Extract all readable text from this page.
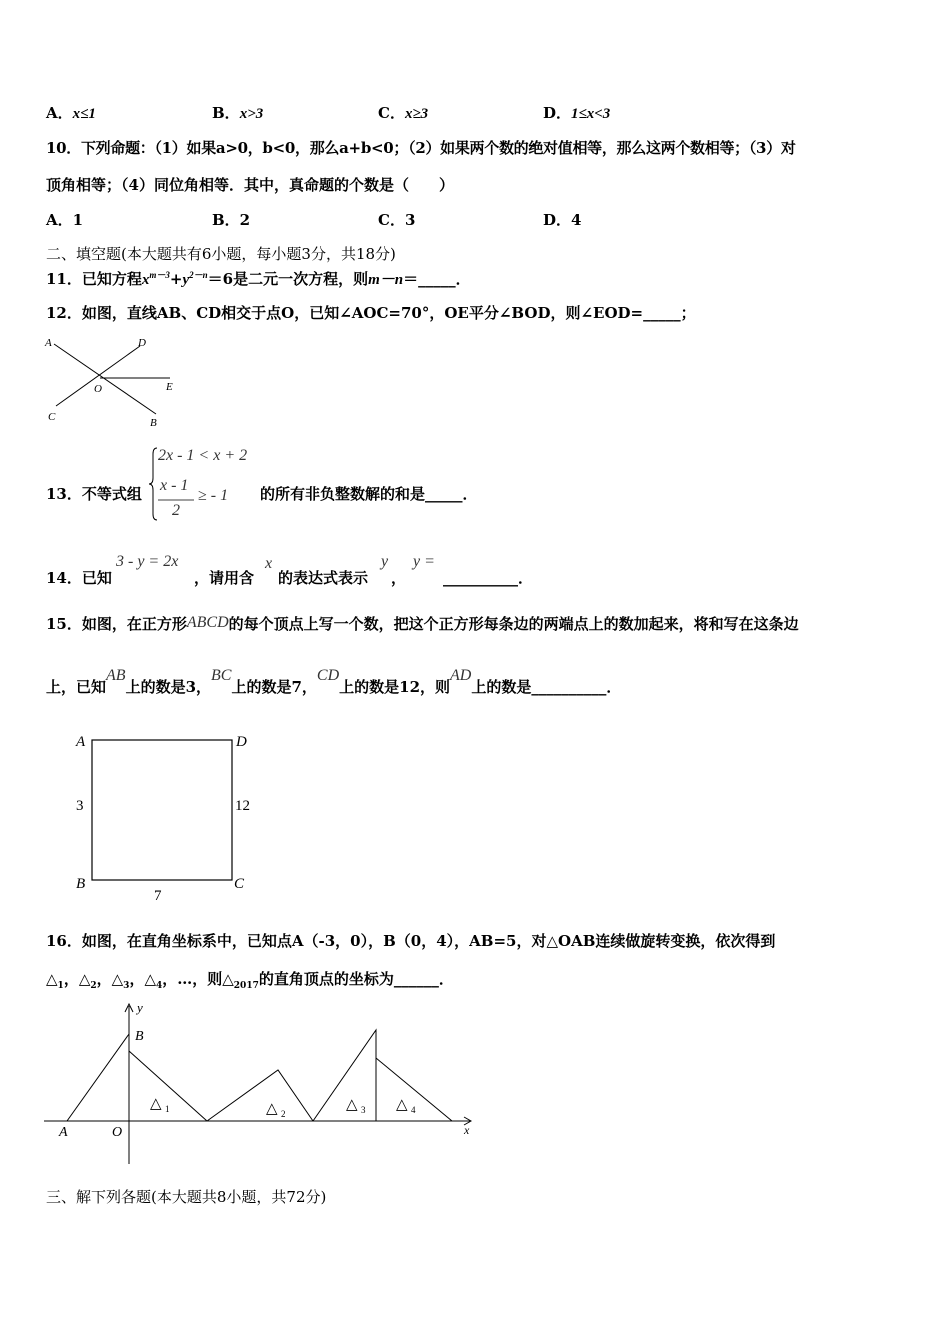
A．x≤1	B．x>3	C．x≥3	D．1≤x<3
10．下列命题：（1）如果a>0，b<0，那么a+b<0；（2）如果两个数的绝对值相等，那么这两个数相等；（3）对
顶角相等；（4）同位角相等．其中，真命题的个数是（　　）
A．1	B．2	C．3	D．4
二、填空题(本大题共有6小题，每小题3分，共18分)
11．已知方程$x^{m-3}+y^{2-n}=6$是二元一次方程，则m－n＝_____．
12．如图，直线AB、CD相交于点O，已知∠AOC=70°，OE平分∠BOD，则∠EOD=_____；
A	D
O	E
C	B
13．不等式组
2x - 1 < x + 2
x - 1
2
≥ - 1 的所有非负整数解的和是_____．
14．已知
3 - y = 2x
，请用含
x
的表达式表示
y
，
y =
__________．
15．如图，在正方形ABCD的每个顶点上写一个数，把这个正方形每条边的两端点上的数加起来，将和写在这条边
上，已知AB上的数是3，BC上的数是7，CD上的数是12，则AD上的数是__________．
A	D
B	C
3	12
7
16．如图，在直角坐标系中，已知点A（-3，0），B（0，4），AB=5，对△OAB连续做旋转变换，依次得到
$\triangle_1$，$\triangle_2$，$\triangle_3$，$\triangle_4$，…，则$\triangle_{2017}$的直角顶点的坐标为______．
y
B
A	O	x
△ 1	△ 2
△ 3 △ 4
三、解下列各题(本大题共8小题，共72分)
